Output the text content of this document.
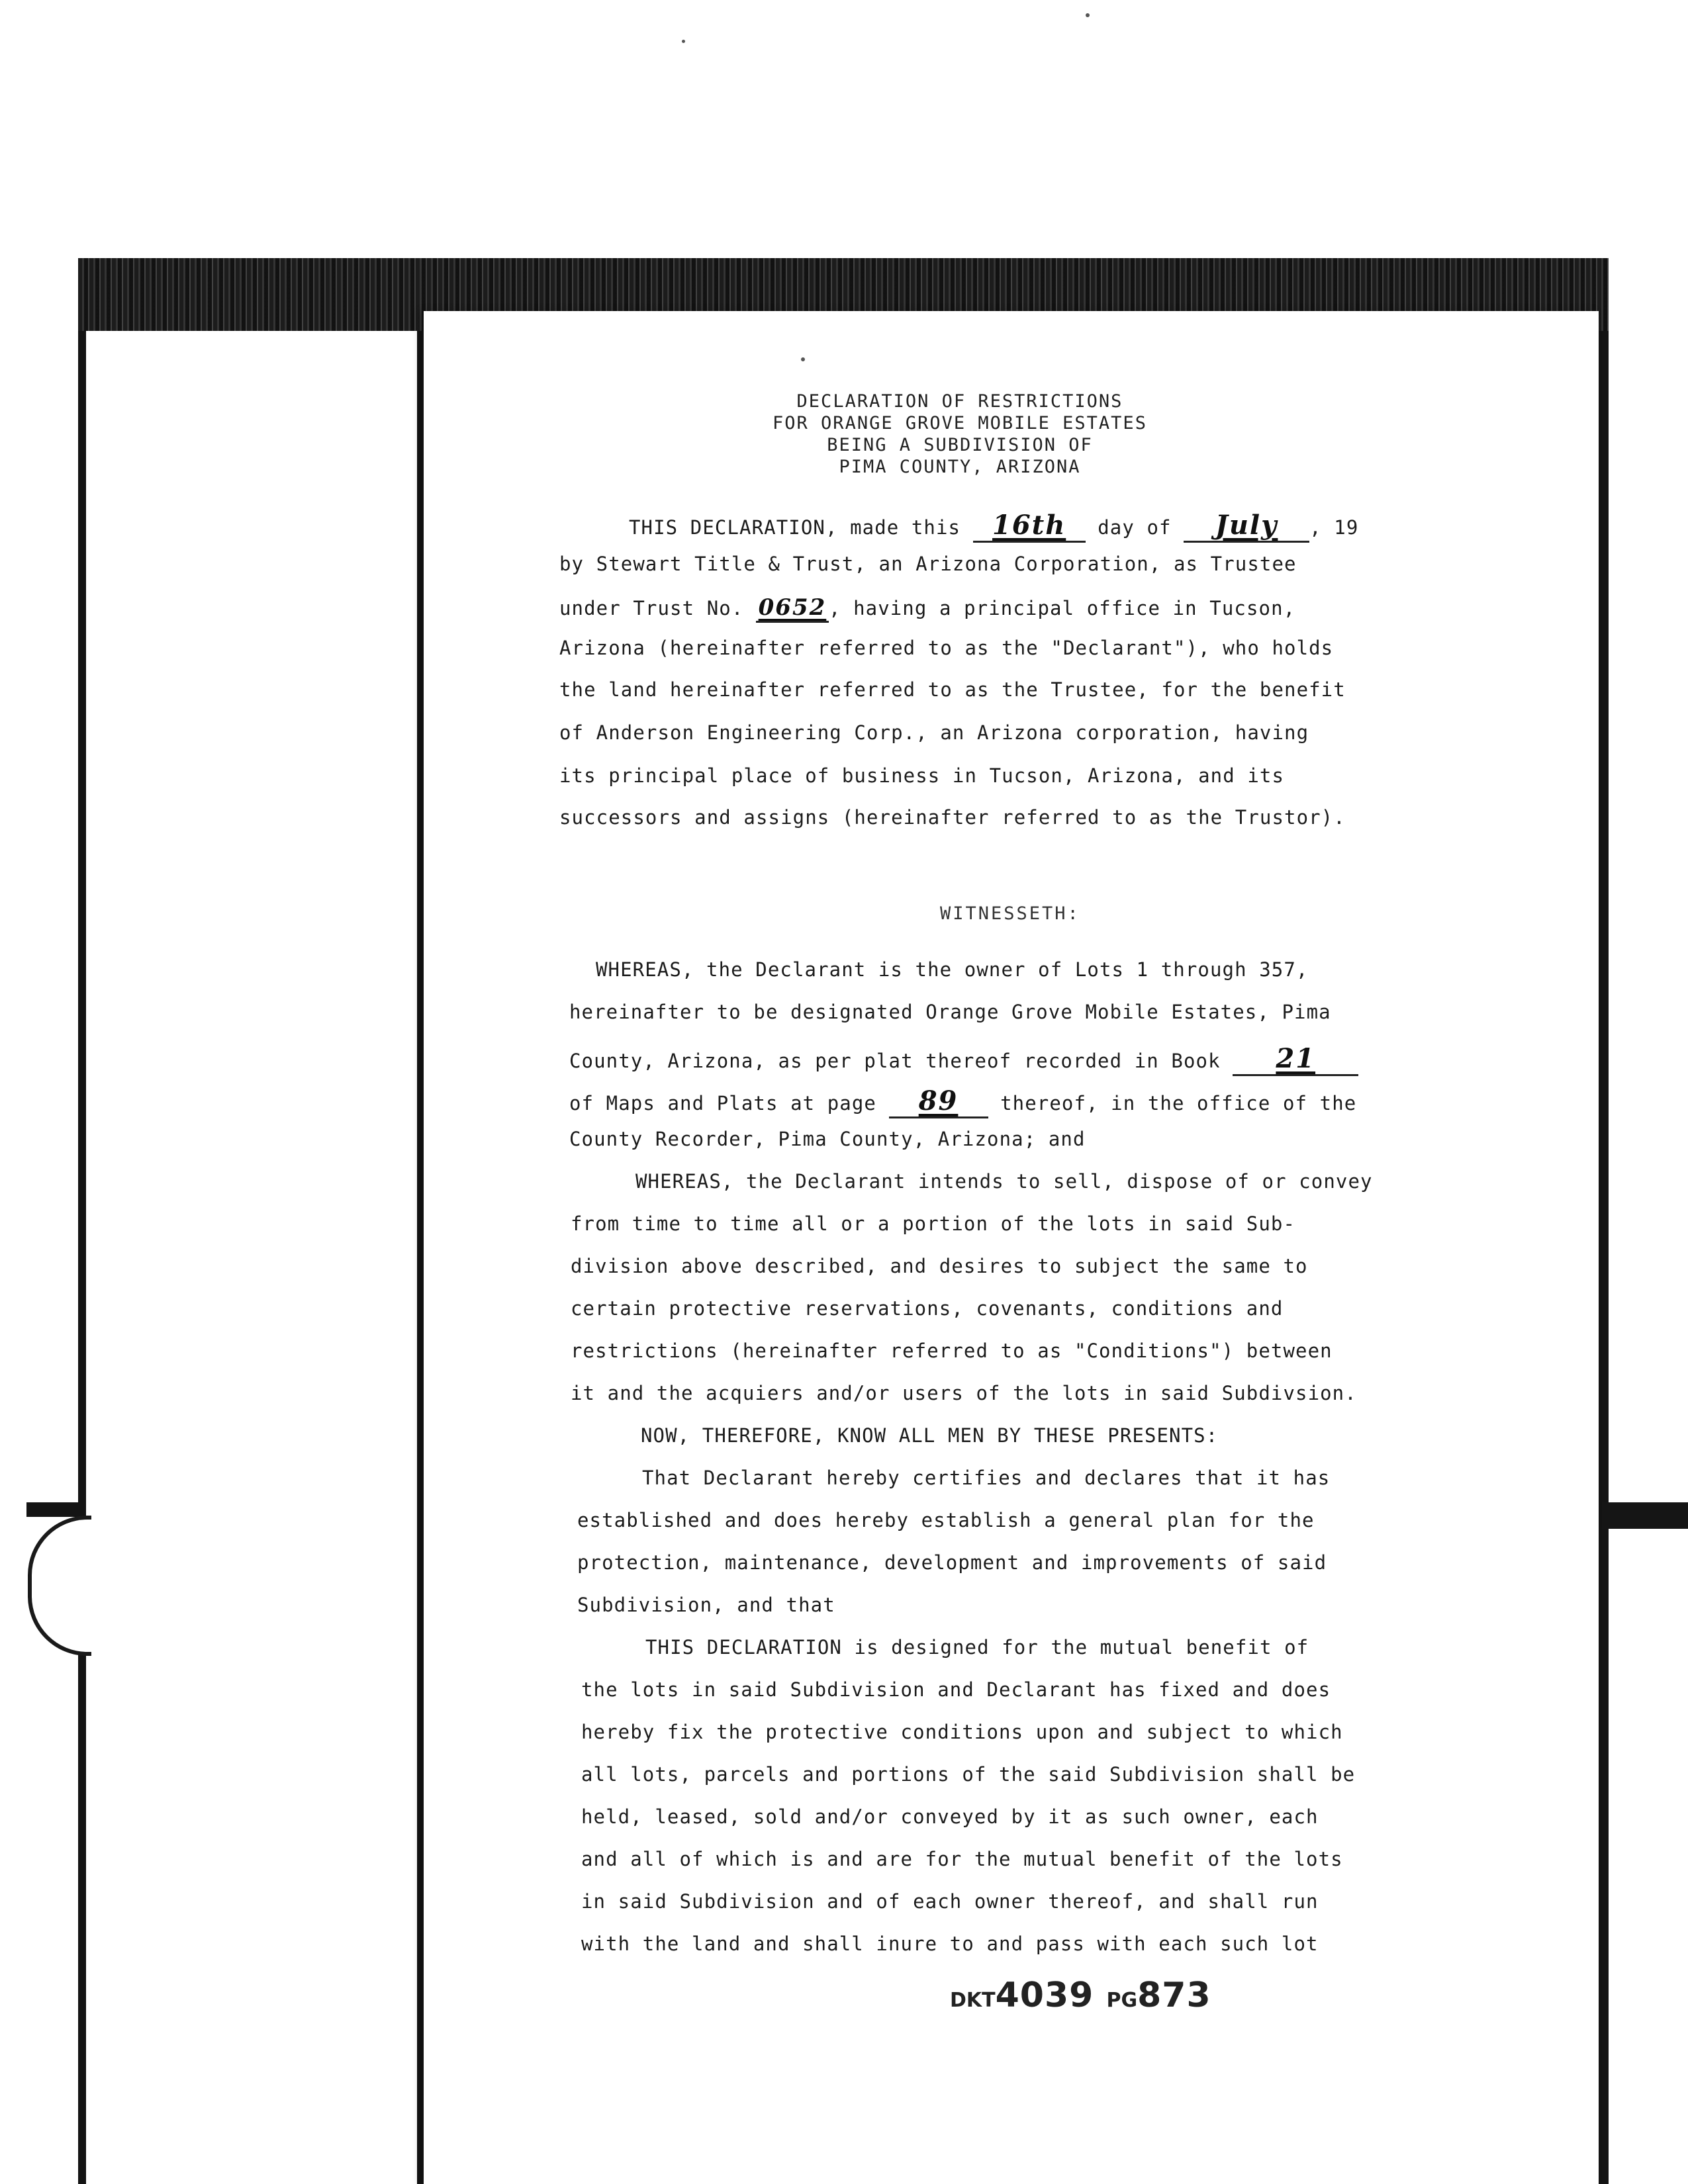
DECLARATION OF RESTRICTIONS
FOR ORANGE GROVE MOBILE ESTATES
BEING A SUBDIVISION OF
PIMA COUNTY, ARIZONA
THIS DECLARATION, made this 16th day of July , 19
by Stewart Title & Trust, an Arizona Corporation, as Trustee
under Trust No. 0652 , having a principal office in Tucson,
Arizona (hereinafter referred to as the "Declarant"), who holds
the land hereinafter referred to as the Trustee, for the benefit
of Anderson Engineering Corp., an Arizona corporation, having
its principal place of business in Tucson, Arizona, and its
successors and assigns (hereinafter referred to as the Trustor).
WITNESSETH:
WHEREAS, the Declarant is the owner of Lots 1 through 357,
hereinafter to be designated Orange Grove Mobile Estates, Pima
County, Arizona, as per plat thereof recorded in Book 21
of Maps and Plats at page 89 thereof, in the office of the
County Recorder, Pima County, Arizona; and
WHEREAS, the Declarant intends to sell, dispose of or convey
from time to time all or a portion of the lots in said Sub-
division above described, and desires to subject the same to
certain protective reservations, covenants, conditions and
restrictions (hereinafter referred to as "Conditions") between
it and the acquiers and/or users of the lots in said Subdivsion.
NOW, THEREFORE, KNOW ALL MEN BY THESE PRESENTS:
That Declarant hereby certifies and declares that it has
established and does hereby establish a general plan for the
protection, maintenance, development and improvements of said
Subdivision, and that
THIS DECLARATION is designed for the mutual benefit of
the lots in said Subdivision and Declarant has fixed and does
hereby fix the protective conditions upon and subject to which
all lots, parcels and portions of the said Subdivision shall be
held, leased, sold and/or conveyed by it as such owner, each
and all of which is and are for the mutual benefit of the lots
in said Subdivision and of each owner thereof, and shall run
with the land and shall inure to and pass with each such lot
DKT4039 PG873
